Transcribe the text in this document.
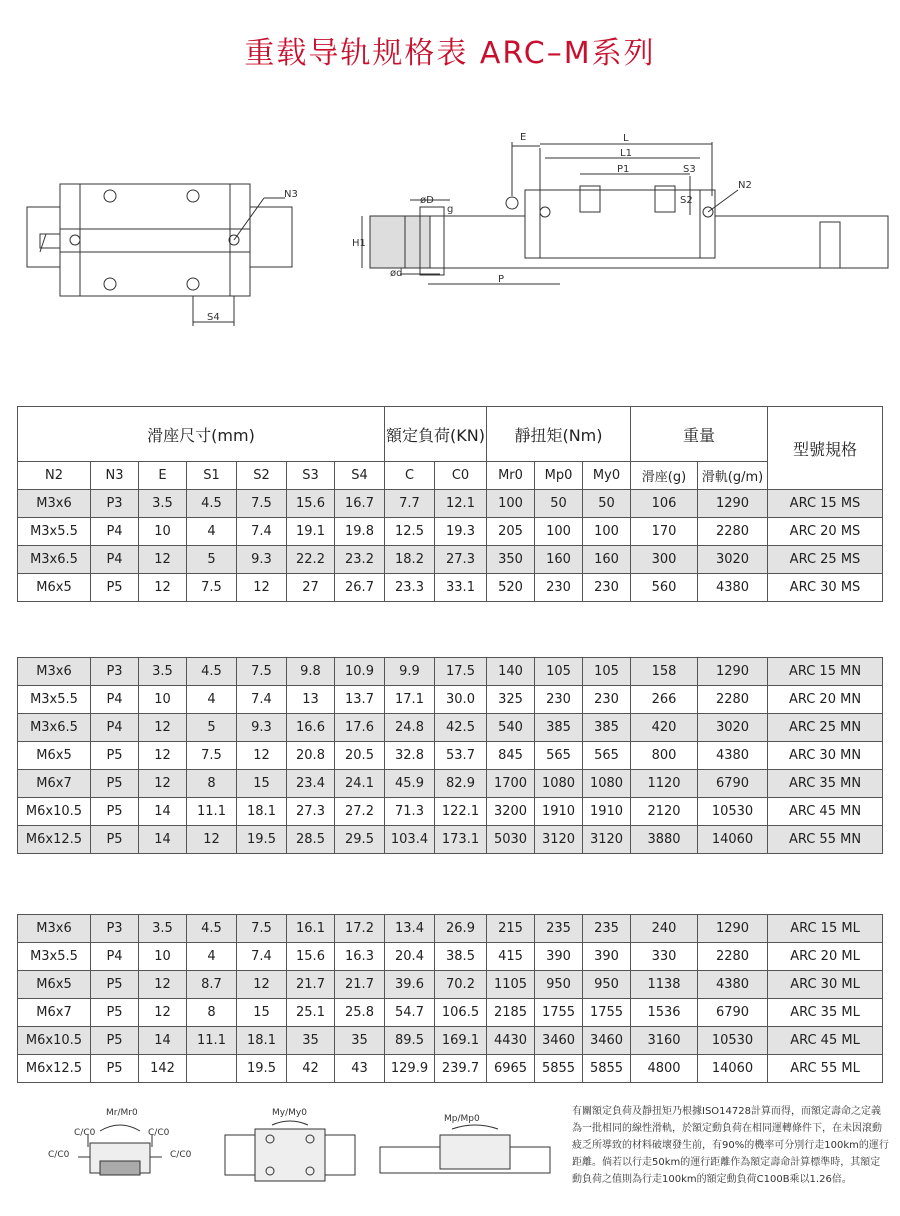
重载导轨规格表 ARC–M系列
N3
S4
E	L
L1
P1	S3
S2
N2
øD
g
H1
ød
P
滑座尺寸(mm)							額定負荷(KN)		靜扭矩(Nm)			重量		型號規格
N2	N3	E	S1	S2	S3	S4	C	C0	Mr0	Mp0	My0	滑座(g)	滑軌(g/m)	
M3x6	P3	3.5	4.5	7.5	15.6	16.7	7.7	12.1	100	50	50	106	1290	ARC 15 MS
M3x5.5	P4	10	4	7.4	19.1	19.8	12.5	19.3	205	100	100	170	2280	ARC 20 MS
M3x6.5	P4	12	5	9.3	22.2	23.2	18.2	27.3	350	160	160	300	3020	ARC 25 MS
M6x5	P5	12	7.5	12	27	26.7	23.3	33.1	520	230	230	560	4380	ARC 30 MS
M3x6	P3	3.5	4.5	7.5	9.8	10.9	9.9	17.5	140	105	105	158	1290	ARC 15 MN
M3x5.5	P4	10	4	7.4	13	13.7	17.1	30.0	325	230	230	266	2280	ARC 20 MN
M3x6.5	P4	12	5	9.3	16.6	17.6	24.8	42.5	540	385	385	420	3020	ARC 25 MN
M6x5	P5	12	7.5	12	20.8	20.5	32.8	53.7	845	565	565	800	4380	ARC 30 MN
M6x7	P5	12	8	15	23.4	24.1	45.9	82.9	1700	1080	1080	1120	6790	ARC 35 MN
M6x10.5	P5	14	11.1	18.1	27.3	27.2	71.3	122.1	3200	1910	1910	2120	10530	ARC 45 MN
M6x12.5	P5	14	12	19.5	28.5	29.5	103.4	173.1	5030	3120	3120	3880	14060	ARC 55 MN
M3x6	P3	3.5	4.5	7.5	16.1	17.2	13.4	26.9	215	235	235	240	1290	ARC 15 ML
M3x5.5	P4	10	4	7.4	15.6	16.3	20.4	38.5	415	390	390	330	2280	ARC 20 ML
M6x5	P5	12	8.7	12	21.7	21.7	39.6	70.2	1105	950	950	1138	4380	ARC 30 ML
M6x7	P5	12	8	15	25.1	25.8	54.7	106.5	2185	1755	1755	1536	6790	ARC 35 ML
M6x10.5	P5	14	11.1	18.1	35	35	89.5	169.1	4430	3460	3460	3160	10530	ARC 45 ML
M6x12.5	P5	142		19.5	42	43	129.9	239.7	6965	5855	5855	4800	14060	ARC 55 ML
Mr/Mr0
C/C0	C/C0
C/C0	C/C0
My/My0
Mp/Mp0
有關額定負荷及靜扭矩乃根據ISO14728計算而得，而額定壽命之定義為一批相同的線性滑軌，於額定動負荷在相同運轉條件下，在未因滾動疲乏所導致的材料破壞發生前，有90%的機率可分別行走100km的運行距離。倘若以行走50km的運行距離作為額定壽命計算標準時，其額定動負荷之值則為行走100km的額定動負荷C100B乘以1.26倍。
